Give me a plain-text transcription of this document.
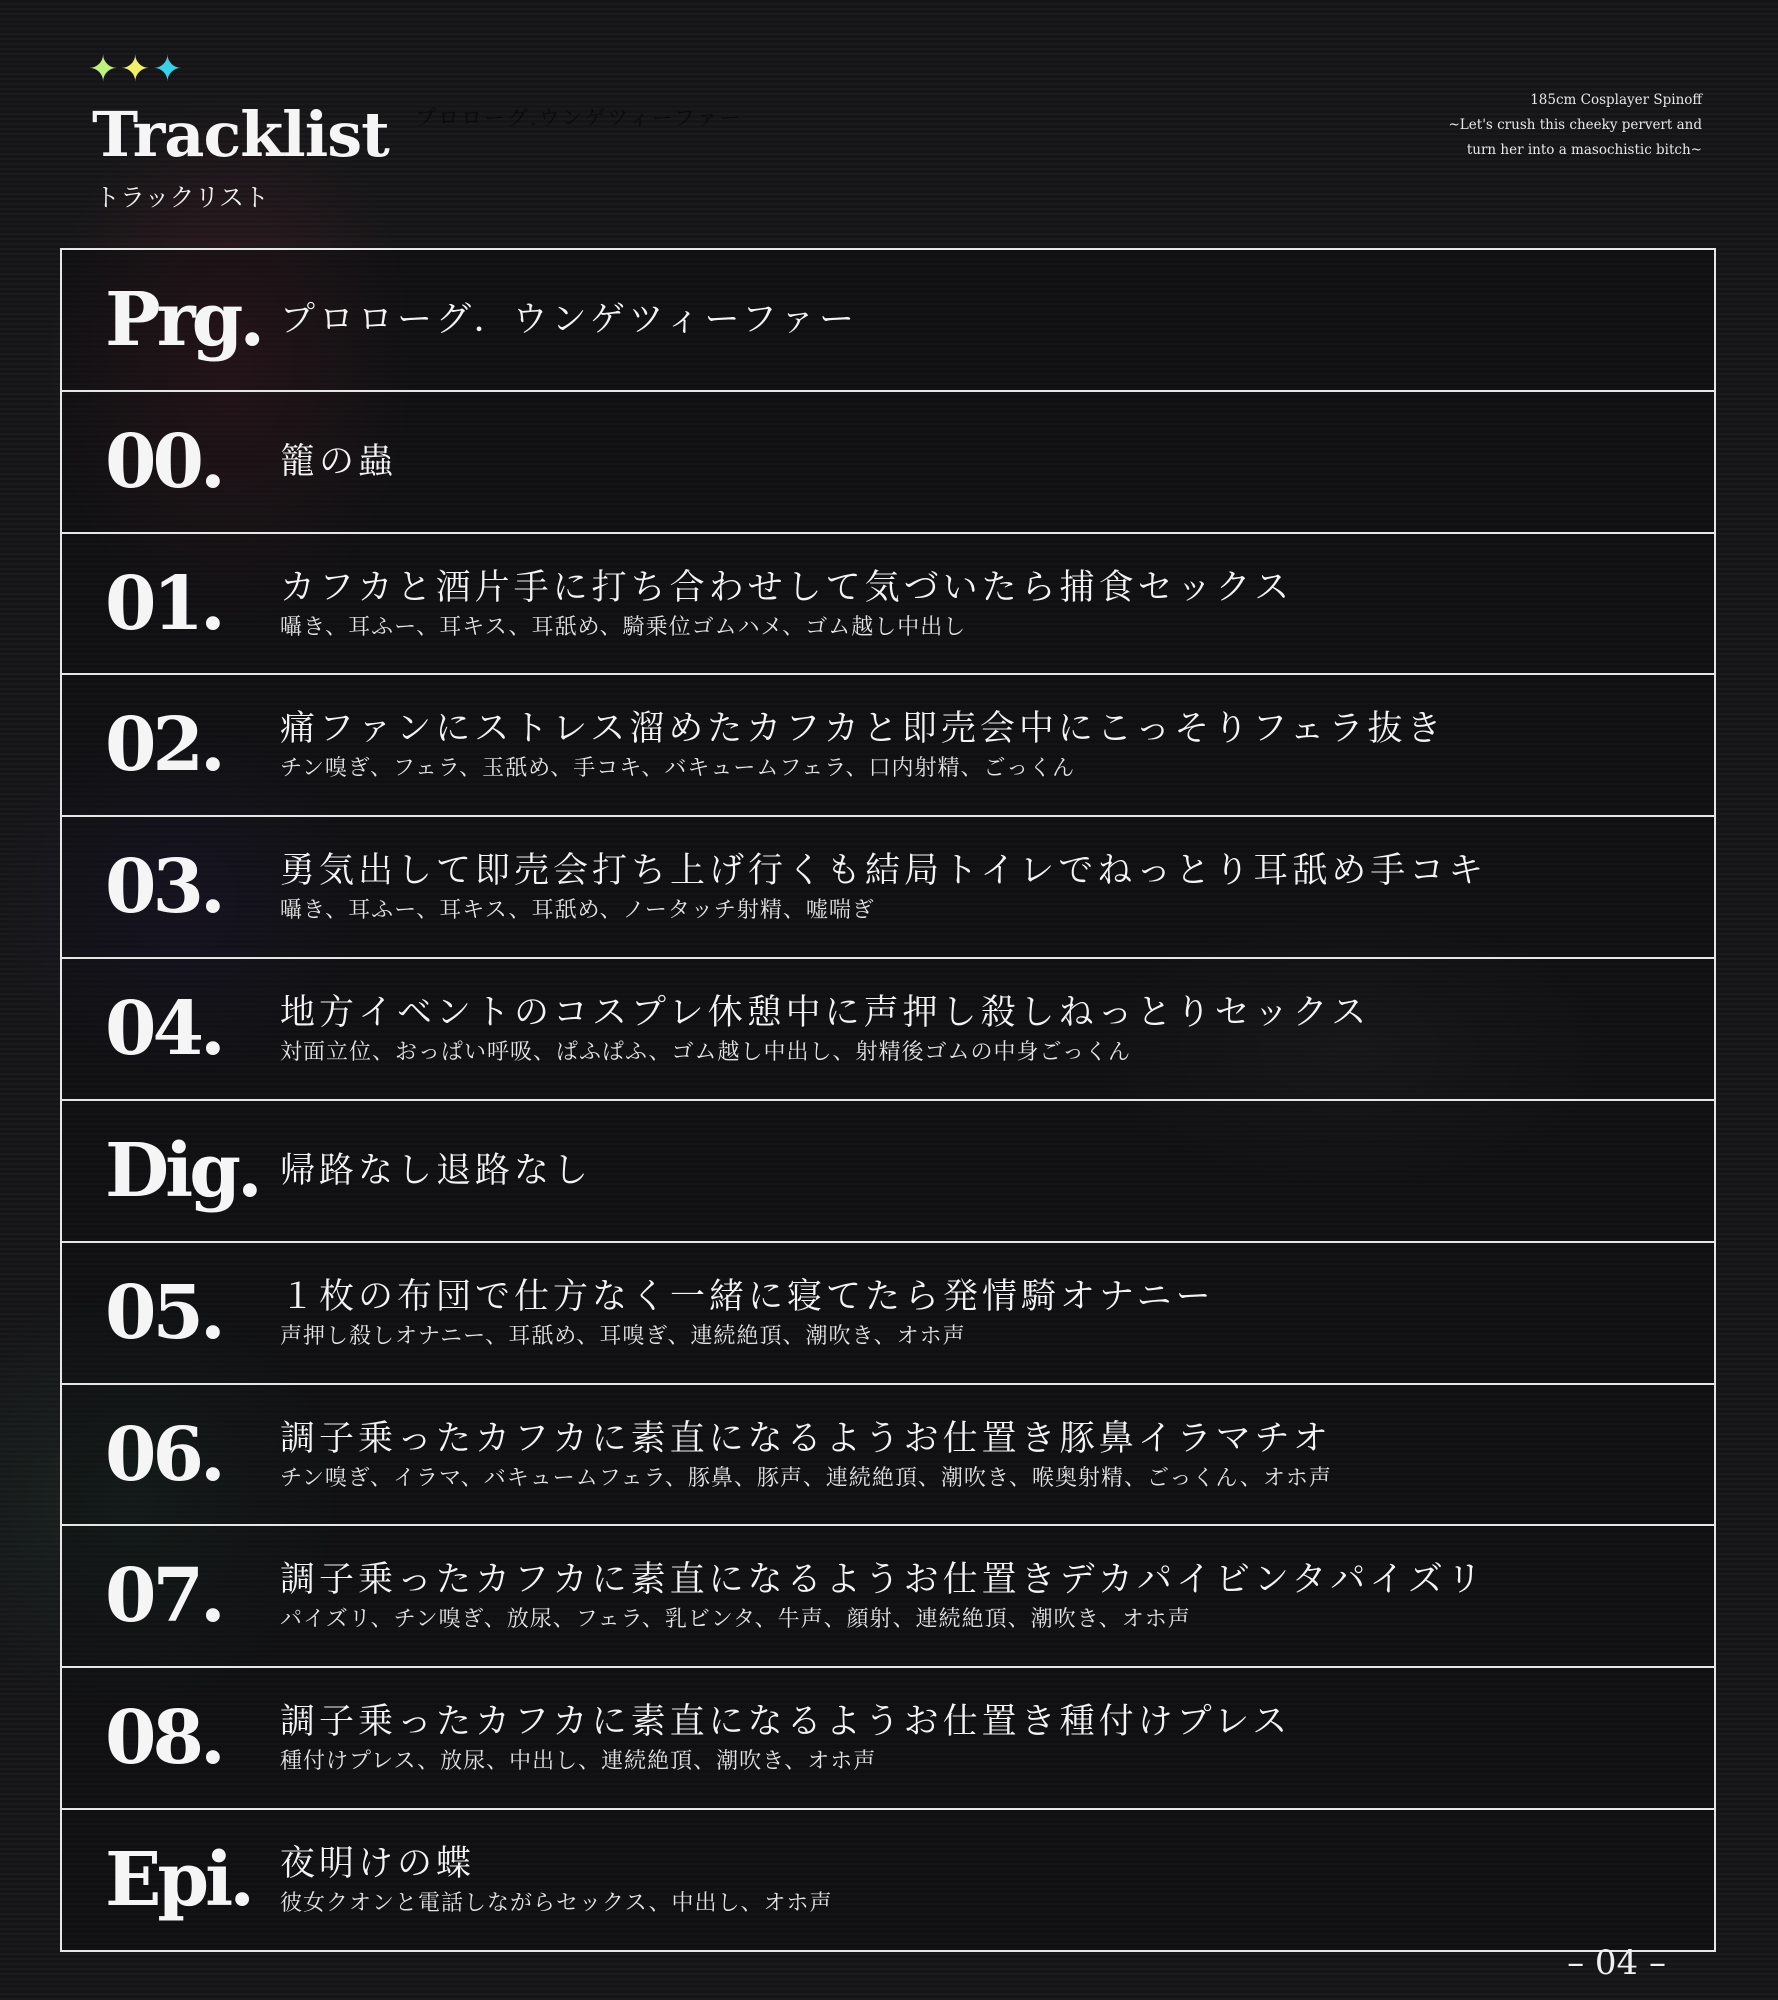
✦✦✦
Tracklist
トラックリスト
プロローグ.ウンゲツィーファー
185cm Cosplayer Spinoff
~Let's crush this cheeky pervert and
turn her into a masochistic bitch~
Prg. プロローグ．ウンゲツィーファー
00. 籠の蟲
01. カフカと酒片手に打ち合わせして気づいたら捕食セックス
囁き、耳ふー、耳キス、耳舐め、騎乗位ゴムハメ、ゴム越し中出し
02. 痛ファンにストレス溜めたカフカと即売会中にこっそりフェラ抜き
チン嗅ぎ、フェラ、玉舐め、手コキ、バキュームフェラ、口内射精、ごっくん
03. 勇気出して即売会打ち上げ行くも結局トイレでねっとり耳舐め手コキ
囁き、耳ふー、耳キス、耳舐め、ノータッチ射精、嘘喘ぎ
04. 地方イベントのコスプレ休憩中に声押し殺しねっとりセックス
対面立位、おっぱい呼吸、ぱふぱふ、ゴム越し中出し、射精後ゴムの中身ごっくん
Dig. 帰路なし退路なし
05. １枚の布団で仕方なく一緒に寝てたら発情騎オナニー
声押し殺しオナニー、耳舐め、耳嗅ぎ、連続絶頂、潮吹き、オホ声
06. 調子乗ったカフカに素直になるようお仕置き豚鼻イラマチオ
チン嗅ぎ、イラマ、バキュームフェラ、豚鼻、豚声、連続絶頂、潮吹き、喉奥射精、ごっくん、オホ声
07. 調子乗ったカフカに素直になるようお仕置きデカパイビンタパイズリ
パイズリ、チン嗅ぎ、放尿、フェラ、乳ビンタ、牛声、顔射、連続絶頂、潮吹き、オホ声
08. 調子乗ったカフカに素直になるようお仕置き種付けプレス
種付けプレス、放尿、中出し、連続絶頂、潮吹き、オホ声
Epi. 夜明けの蝶
彼女クオンと電話しながらセックス、中出し、オホ声
– 04 –
